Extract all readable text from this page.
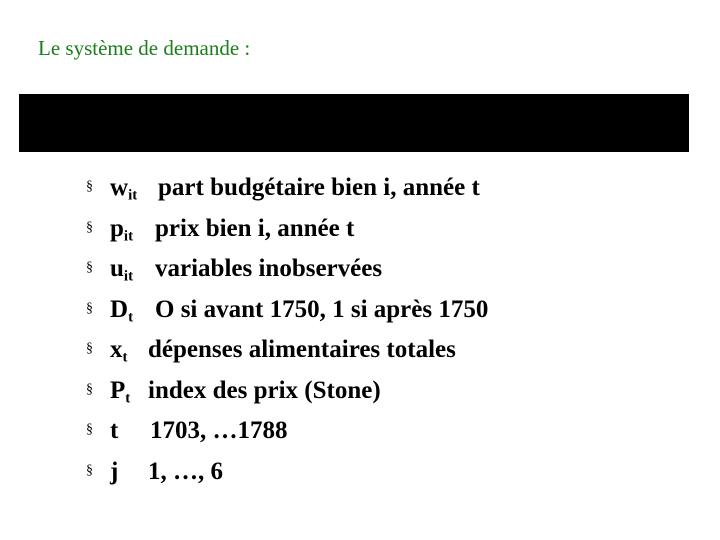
Le système de demande :
§ $w_{it}$ part budgétaire bien i, année t
§ $p_{it}$ prix bien i, année t
§ $u_{it}$ variables inobservées
§ $D_t$ O si avant 1750, 1 si après 1750
§ $x_t$ dépenses alimentaires totales
§ $P_t$ index des prix (Stone)
§ t	1703, …1788
§ j	1, …, 6
